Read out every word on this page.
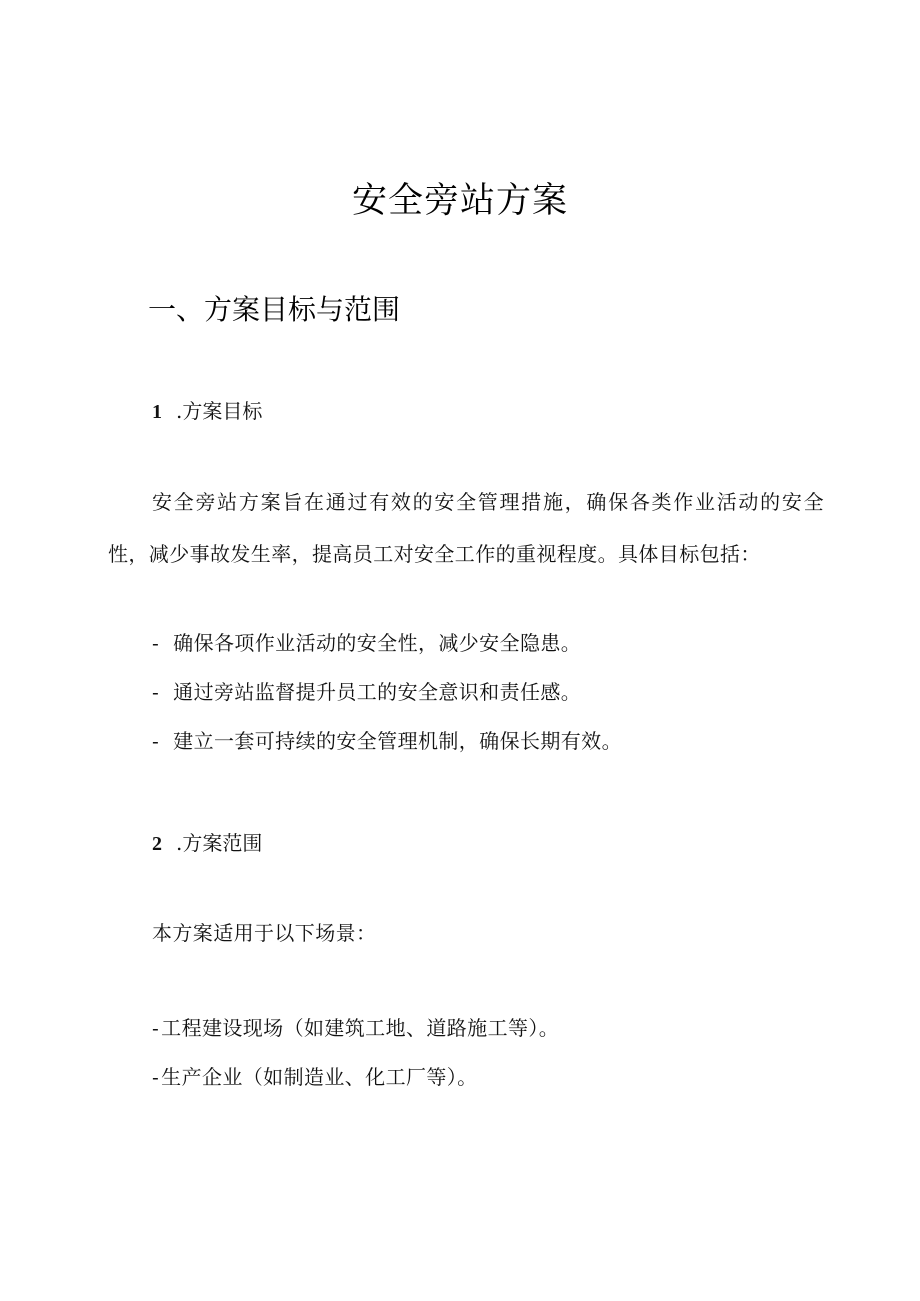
安全旁站方案
一、方案目标与范围
1 .方案目标
安全旁站方案旨在通过有效的安全管理措施，确保各类作业活动的安全性，减少事故发生率，提高员工对安全工作的重视程度。具体目标包括：
- 确保各项作业活动的安全性，减少安全隐患。
- 通过旁站监督提升员工的安全意识和责任感。
- 建立一套可持续的安全管理机制，确保长期有效。
2 .方案范围
本方案适用于以下场景：
- 工程建设现场（如建筑工地、道路施工等）。
- 生产企业（如制造业、化工厂等）。
